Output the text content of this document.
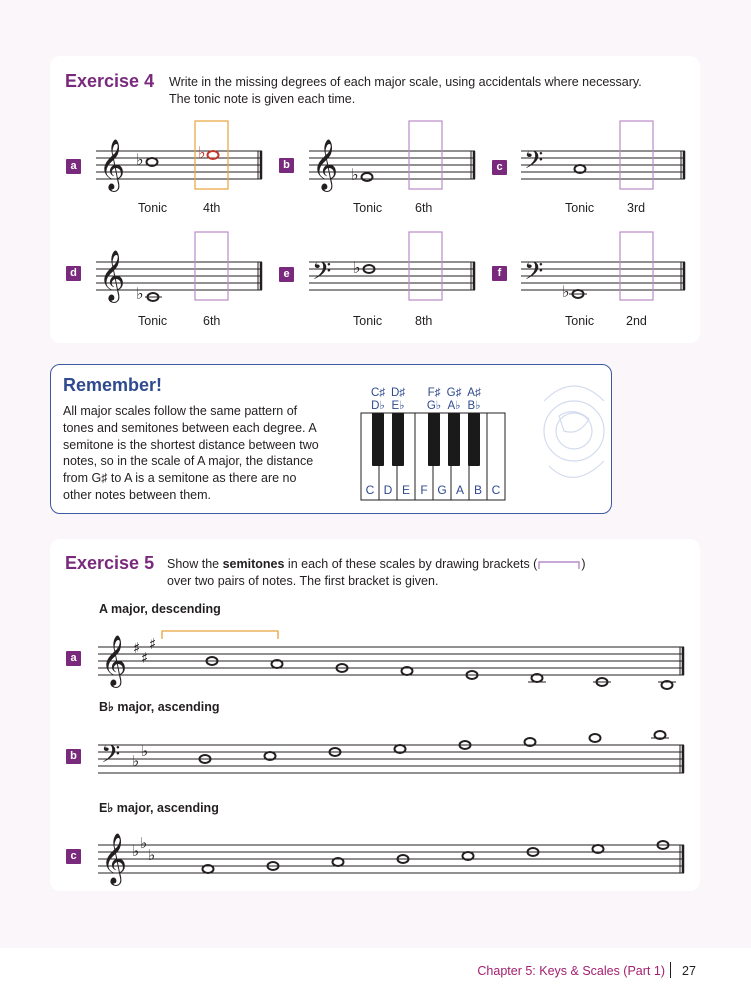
Exercise 4 Write in the missing degrees of each major scale, using accidentals where necessary.
The tonic note is given each time.
a 𝄞 ♭	♭
Tonic	4th
b 𝄞 ♭
Tonic	6th
c 𝄢
Tonic	3rd
d 𝄞 ♭
Tonic	6th
e 𝄢 ♭
Tonic	8th
f 𝄢 ♭
Tonic	2nd
Remember!
All major scales follow the same pattern of tones and semitones between each degree. A semitone is the shortest distance between two notes, so in the scale of A major, the distance from G♯ to A is a semitone as there are no other notes between them.
C♯
D♭
D♯
E♭
F♯
G♭
G♯
A♭
A♯
B♭
C D E F G A B C
Exercise 5 Show the semitones in each of these scales by drawing brackets (	)
over two pairs of notes. The first bracket is given.
A major, descending
a 𝄞 ♯
♯
♯
B♭ major, ascending
b 𝄢 ♭
♭
E♭ major, ascending
c 𝄞 ♭ ♭
♭
Chapter 5: Keys & Scales (Part 1) 27
